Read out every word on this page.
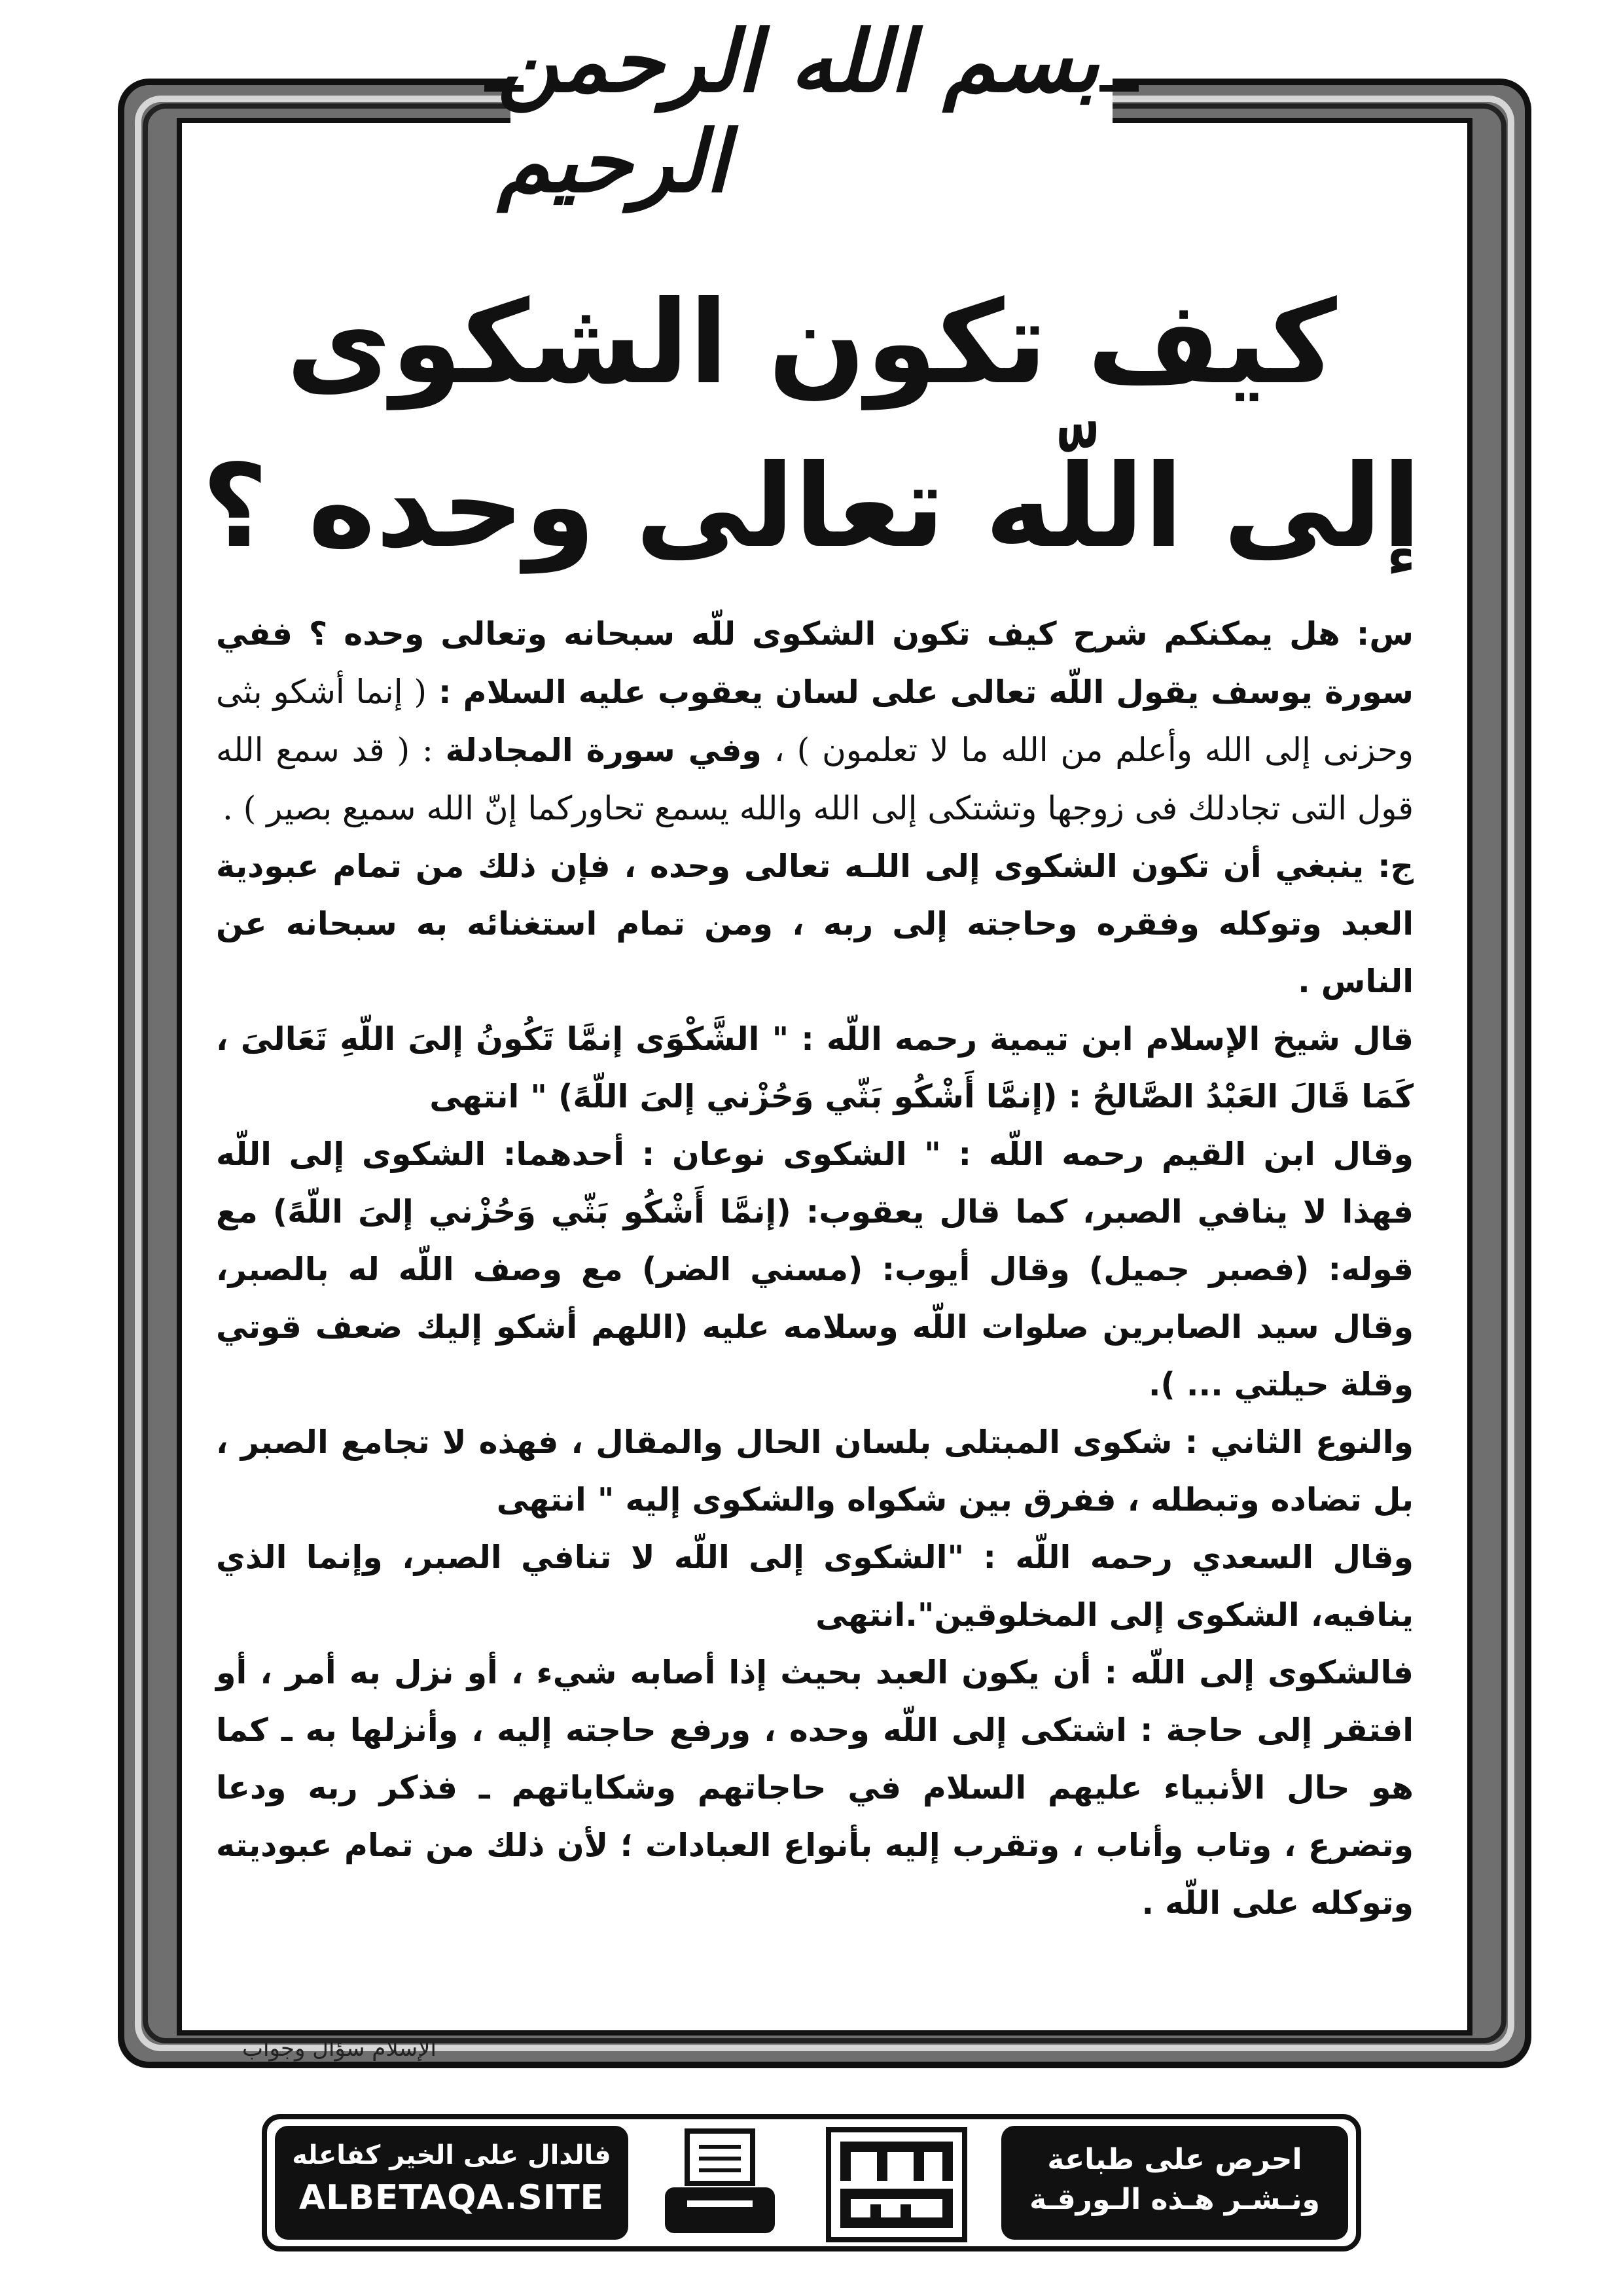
بسم الله الرحمن الرحيم
كيف تكون الشكوى
إلى اللّه تعالى وحده ؟

س: هل يمكنكم شرح كيف تكون الشكوى للّه سبحانه وتعالى وحده ؟ ففي سورة يوسف يقول اللّه تعالى على لسان يعقوب عليه السلام : ( إنما أشكو بثى وحزنى إلى الله وأعلم من الله ما لا تعلمون ) ، وفي سورة المجادلة : ( قد سمع الله قول التى تجادلك فى زوجها وتشتكى إلى الله والله يسمع تحاوركما إنّ الله سميع بصير ) .

ج: ينبغي أن تكون الشكوى إلى اللـه تعالى وحده ، فإن ذلك من تمام عبودية العبد وتوكله وفقره وحاجته إلى ربه ، ومن تمام استغنائه به سبحانه عن الناس .

قال شيخ الإسلام ابن تيمية رحمه اللّه : " الشَّكْوَى إنمَّا تَكُونُ إلىَ اللّهِ تَعَالىَ ، كَمَا قَالَ العَبْدُ الصَّالحُ : (إنمَّا أَشْكُو بَثّي وَحُزْني إلىَ اللّهً) " انتهى

وقال ابن القيم رحمه اللّه : " الشكوى نوعان : أحدهما: الشكوى إلى اللّه فهذا لا ينافي الصبر، كما قال يعقوب: (إنمَّا أَشْكُو بَثّي وَحُزْني إلىَ اللّهً) مع قوله: (فصبر جميل) وقال أيوب: (مسني الضر) مع وصف اللّه له بالصبر، وقال سيد الصابرين صلوات اللّه وسلامه عليه (اللهم أشكو إليك ضعف قوتي وقلة حيلتي ... ).

والنوع الثاني : شكوى المبتلى بلسان الحال والمقال ، فهذه لا تجامع الصبر ، بل تضاده وتبطله ، ففرق بين شكواه والشكوى إليه " انتهى

وقال السعدي رحمه اللّه : "الشكوى إلى اللّه لا تنافي الصبر، وإنما الذي ينافيه، الشكوى إلى المخلوقين".انتهى

فالشكوى إلى اللّه : أن يكون العبد بحيث إذا أصابه شيء ، أو نزل به أمر ، أو افتقر إلى حاجة : اشتكى إلى اللّه وحده ، ورفع حاجته إليه ، وأنزلها به ـ كما هو حال الأنبياء عليهم السلام في حاجاتهم وشكاياتهم ـ فذكر ربه ودعا وتضرع ، وتاب وأناب ، وتقرب إليه بأنواع العبادات ؛ لأن ذلك من تمام عبوديته وتوكله على اللّه .

الإسلام سؤال وجواب
فالدال على الخير كفاعله
ALBETAQA.SITE
احرص على طباعة
ونـشـر هـذه الـورقـة
